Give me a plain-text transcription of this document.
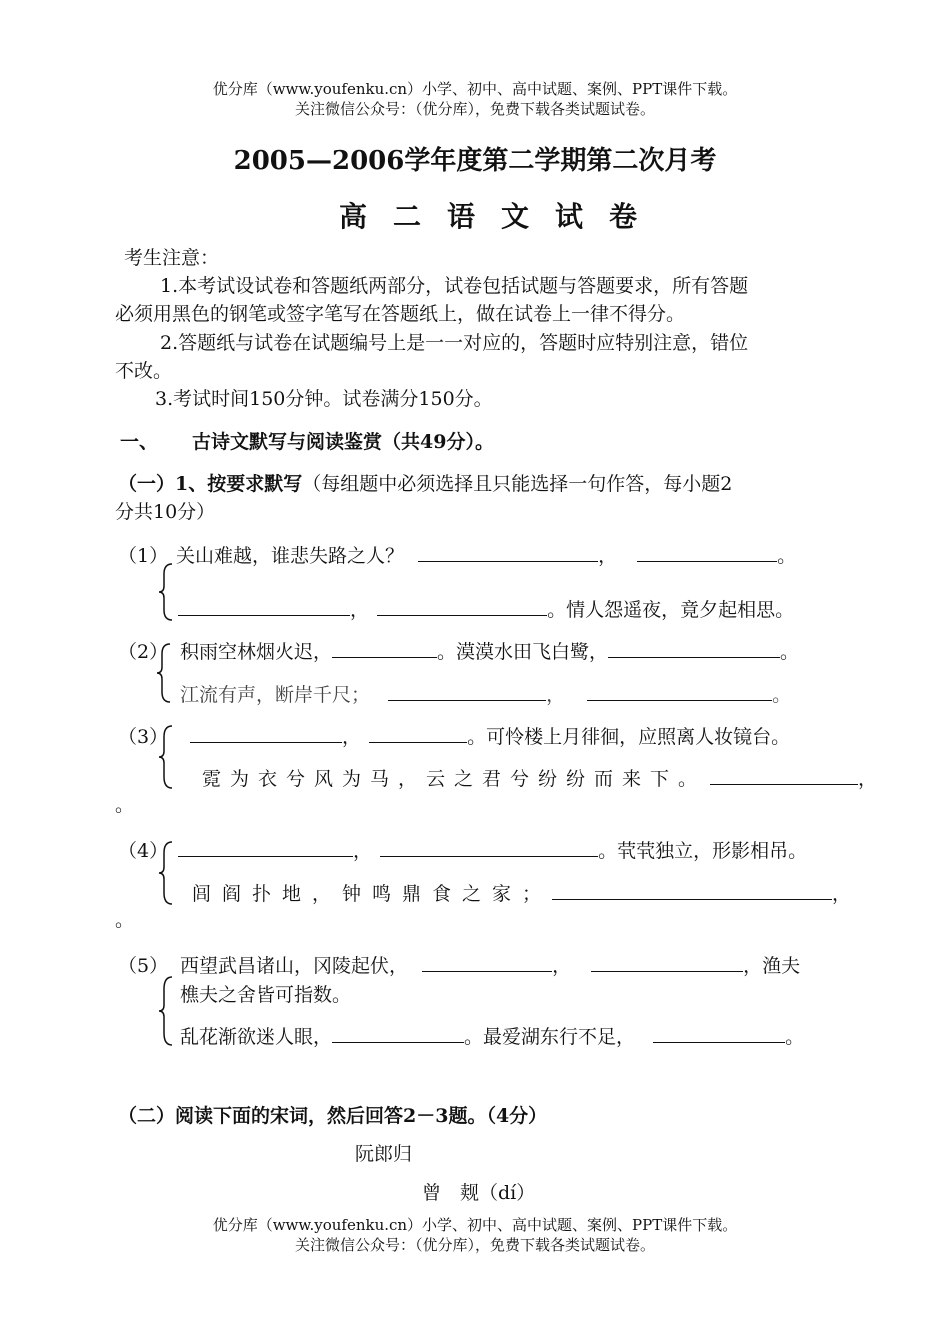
优分库（www.youfenku.cn）小学、初中、高中试题、案例、PPT课件下载。
关注微信公众号：（优分库），免费下载各类试题试卷。
2005—2006学年度第二学期第二次月考
高二语文试卷
考生注意：
1.本考试设试卷和答题纸两部分，试卷包括试题与答题要求，所有答题
必须用黑色的钢笔或签字笔写在答题纸上，做在试卷上一律不得分。
2.答题纸与试卷在试题编号上是一一对应的，答题时应特别注意，错位
不改。
3.考试时间150分钟。试卷满分150分。
一、 古诗文默写与阅读鉴赏（共49分）。
（一）1、按要求默写（每组题中必须选择且只能选择一句作答，每小题2
分共10分）
（1） 关山难越，谁悲失路之人？	，	。
，	。情人怨遥夜，竟夕起相思。
（2） 积雨空林烟火迟，	。漠漠水田飞白鹭，	。
江流有声，断岸千尺；	，	。
（3）	，	。可怜楼上月徘徊，应照离人妆镜台。
霓为衣兮风为马，云之君兮纷纷而来下。	，
。
（4）	，	。茕茕独立，形影相吊。
闾阎扑地，钟鸣鼎食之家；	，
。
（5） 西望武昌诸山，冈陵起伏，	，	，渔夫
樵夫之舍皆可指数。
乱花渐欲迷人眼，	。最爱湖东行不足，	。
（二）阅读下面的宋词，然后回答2－3题。（4分）
阮郎归
曾　觌（dí）
优分库（www.youfenku.cn）小学、初中、高中试题、案例、PPT课件下载。
关注微信公众号：（优分库），免费下载各类试题试卷。
